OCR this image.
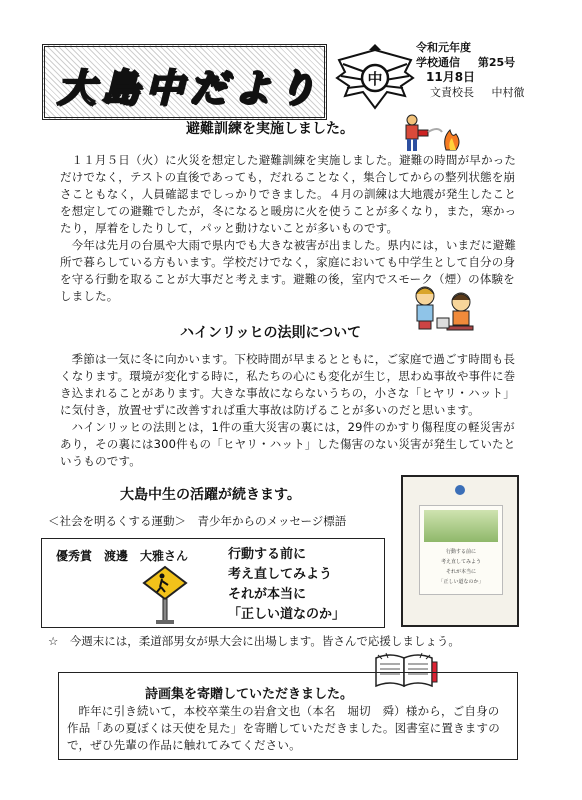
大島中だより	中
令和元年度
学校通信 第25号
11月8日
文責校長 中村徹
避難訓練を実施しました。

１１月５日（火）に火災を想定した避難訓練を実施しました。避難の時間が早かっただけでなく，テストの直後であっても，だれることなく，集合してからの整列状態を崩さこともなく，人員確認までしっかりできました。４月の訓練は大地震が発生したことを想定しての避難でしたが，冬になると暖房に火を使うことが多くなり，また，寒かったり，厚着をしたりして，パッと動けないことが多いものです。

今年は先月の台風や大雨で県内でも大きな被害が出ました。県内には，いまだに避難所で暮らしている方もいます。学校だけでなく，家庭においても中学生として自分の身を守る行動を取ることが大事だと考えます。避難の後，室内でスモーク（煙）の体験をしました。

ハインリッヒの法則について

季節は一気に冬に向かいます。下校時間が早まるとともに，ご家庭で過ごす時間も長くなります。環境が変化する時に，私たちの心にも変化が生じ，思わぬ事故や事件に巻き込まれることがあります。大きな事故にならないうちの，小さな「ヒヤリ・ハット」に気付き，放置せずに改善すれば重大事故は防げることが多いのだと思います。

ハインリッヒの法則とは，1件の重大災害の裏には，29件のかすり傷程度の軽災害があり，その裏には300件もの「ヒヤリ・ハット」した傷害のない災害が発生していたというものです。

大島中生の活躍が続きます。
＜社会を明るくする運動＞　青少年からのメッセージ標語
優秀賞　渡邊　大雅さん	行動する前に
考え直してみよう
それが本当に
「正しい道なのか」
行動する前に
考え直してみよう
それが本当に
「正しい道なのか」
☆　今週末には，柔道部男女が県大会に出場します。皆さんで応援しましょう。
詩画集を寄贈していただきました。

昨年に引き続いて，本校卒業生の岩倉文也（本名　堀切　舜）様から，ご自身の作品「あの夏ぼくは天使を見た」を寄贈していただきました。図書室に置きますので，ぜひ先輩の作品に触れてみてください。
